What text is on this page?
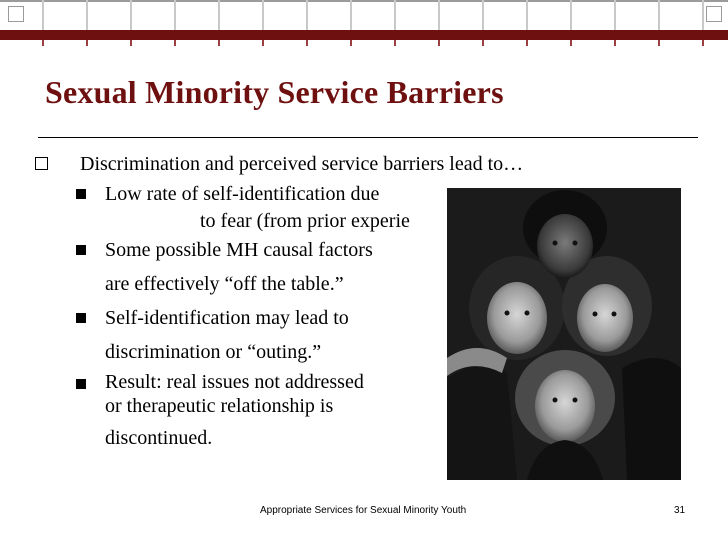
Sexual Minority Service Barriers
Discrimination and perceived service barriers lead to…
Low rate of self-identification due
to fear (from prior experie
Some possible MH causal factors
are effectively “off the table.”
Self-identification may lead to
discrimination or “outing.”
Result: real issues not addressed
or therapeutic relationship is
discontinued.
Appropriate Services for Sexual Minority Youth	31
